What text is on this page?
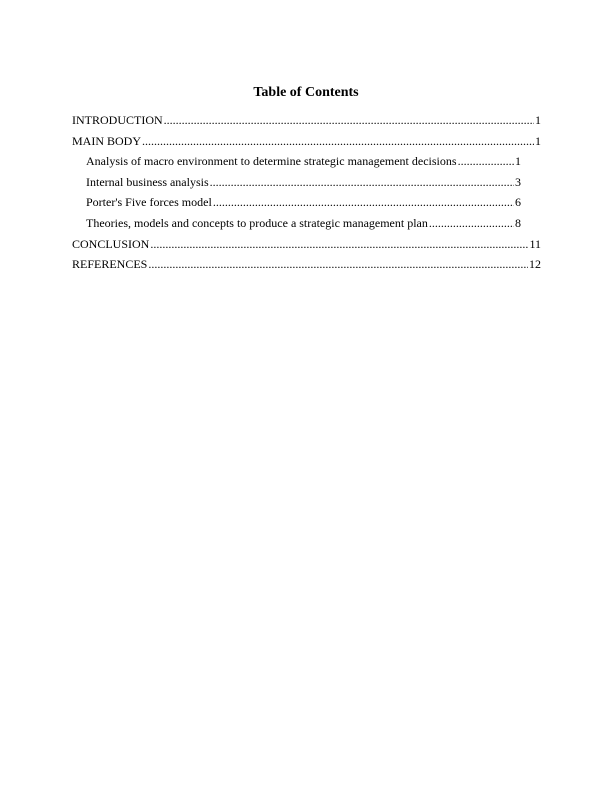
Table of Contents
INTRODUCTION .....	1
MAIN BODY .....	1
Analysis of macro environment to determine strategic management decisions .....	1
Internal business analysis .....	3
Porter's Five forces model .....	6
Theories, models and concepts to produce a strategic management plan .....	8
CONCLUSION .....	11
REFERENCES .....	12
